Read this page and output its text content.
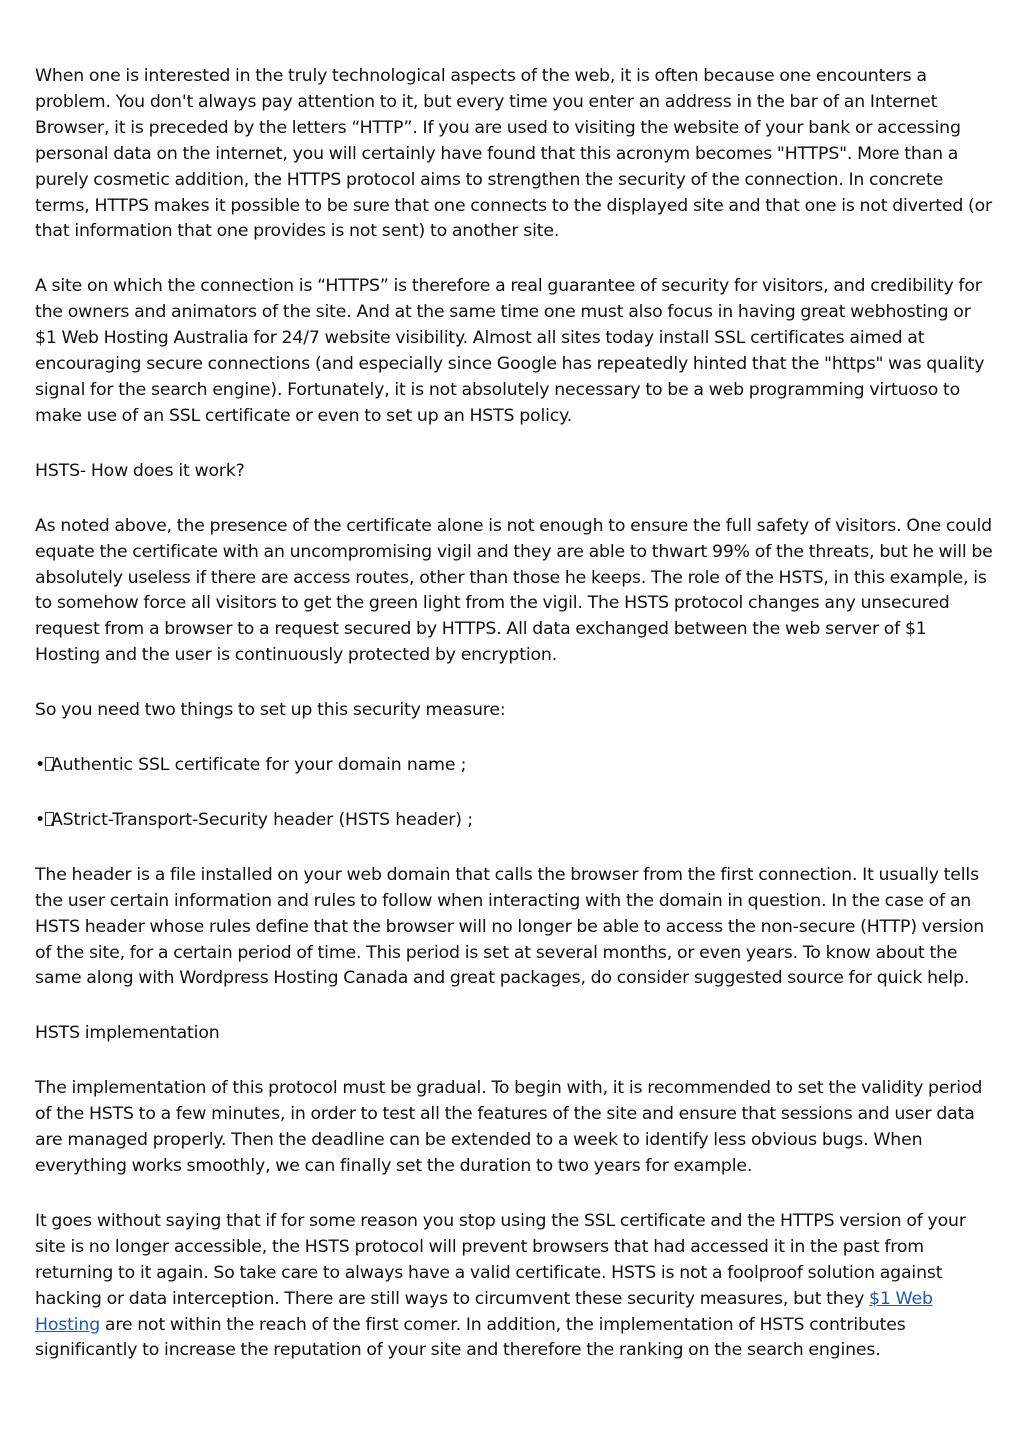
When one is interested in the truly technological aspects of the web, it is often because one encounters a problem. You don't always pay attention to it, but every time you enter an address in the bar of an Internet Browser, it is preceded by the letters “HTTP”. If you are used to visiting the website of your bank or accessing personal data on the internet, you will certainly have found that this acronym becomes "HTTPS". More than a purely cosmetic addition, the HTTPS protocol aims to strengthen the security of the connection. In concrete terms, HTTPS makes it possible to be sure that one connects to the displayed site and that one is not diverted (or that information that one provides is not sent) to another site.

A site on which the connection is “HTTPS” is therefore a real guarantee of security for visitors, and credibility for the owners and animators of the site. And at the same time one must also focus in having great webhosting or $1 Web Hosting Australia for 24/7 website visibility. Almost all sites today install SSL certificates aimed at encouraging secure connections (and especially since Google has repeatedly hinted that the "https" was quality signal for the search engine). Fortunately, it is not absolutely necessary to be a web programming virtuoso to make use of an SSL certificate or even to set up an HSTS policy.

HSTS- How does it work?

As noted above, the presence of the certificate alone is not enough to ensure the full safety of visitors. One could equate the certificate with an uncompromising vigil and they are able to thwart 99% of the threats, but he will be absolutely useless if there are access routes, other than those he keeps. The role of the HSTS, in this example, is to somehow force all visitors to get the green light from the vigil. The HSTS protocol changes any unsecured request from a browser to a request secured by HTTPS. All data exchanged between the web server of $1 Hosting and the user is continuously protected by encryption.

So you need two things to set up this security measure:

• Authentic SSL certificate for your domain name ;

• AStrict-Transport-Security header (HSTS header) ;

The header is a file installed on your web domain that calls the browser from the first connection. It usually tells the user certain information and rules to follow when interacting with the domain in question. In the case of an HSTS header whose rules define that the browser will no longer be able to access the non-secure (HTTP) version of the site, for a certain period of time. This period is set at several months, or even years. To know about the same along with Wordpress Hosting Canada and great packages, do consider suggested source for quick help.

HSTS implementation

The implementation of this protocol must be gradual. To begin with, it is recommended to set the validity period of the HSTS to a few minutes, in order to test all the features of the site and ensure that sessions and user data are managed properly. Then the deadline can be extended to a week to identify less obvious bugs. When everything works smoothly, we can finally set the duration to two years for example.

It goes without saying that if for some reason you stop using the SSL certificate and the HTTPS version of your site is no longer accessible, the HSTS protocol will prevent browsers that had accessed it in the past from returning to it again. So take care to always have a valid certificate. HSTS is not a foolproof solution against hacking or data interception. There are still ways to circumvent these security measures, but they $1 Web Hosting are not within the reach of the first comer. In addition, the implementation of HSTS contributes significantly to increase the reputation of your site and therefore the ranking on the search engines.
